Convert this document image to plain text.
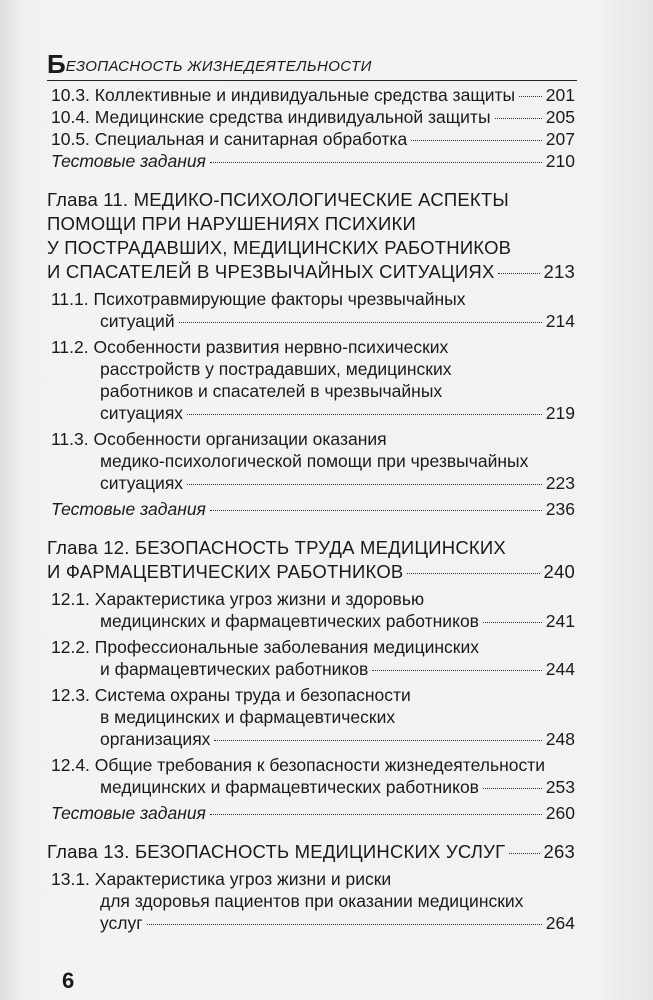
БЕЗОПАСНОСТЬ ЖИЗНЕДЕЯТЕЛЬНОСТИ
10.3. Коллективные и индивидуальные средства защиты 201
10.4. Медицинские средства индивидуальной защиты	205
10.5. Специальная и санитарная обработка	207
Тестовые задания	210
Глава 11. МЕДИКО-ПСИХОЛОГИЧЕСКИЕ АСПЕКТЫ
ПОМОЩИ ПРИ НАРУШЕНИЯХ ПСИХИКИ
У ПОСТРАДАВШИХ, МЕДИЦИНСКИХ РАБОТНИКОВ
И СПАСАТЕЛЕЙ В ЧРЕЗВЫЧАЙНЫХ СИТУАЦИЯХ	213
11.1. Психотравмирующие факторы чрезвычайных
ситуаций	214
11.2. Особенности развития нервно-психических
расстройств у пострадавших, медицинских
работников и спасателей в чрезвычайных
ситуациях	219
11.3. Особенности организации оказания
медико-психологической помощи при чрезвычайных
ситуациях	223
Тестовые задания	236
Глава 12. БЕЗОПАСНОСТЬ ТРУДА МЕДИЦИНСКИХ
И ФАРМАЦЕВТИЧЕСКИХ РАБОТНИКОВ	240
12.1. Характеристика угроз жизни и здоровью
медицинских и фармацевтических работников	241
12.2. Профессиональные заболевания медицинских
и фармацевтических работников	244
12.3. Система охраны труда и безопасности
в медицинских и фармацевтических
организациях	248
12.4. Общие требования к безопасности жизнедеятельности
медицинских и фармацевтических работников	253
Тестовые задания	260
Глава 13. БЕЗОПАСНОСТЬ МЕДИЦИНСКИХ УСЛУГ 263
13.1. Характеристика угроз жизни и риски
для здоровья пациентов при оказании медицинских
услуг	264
6
